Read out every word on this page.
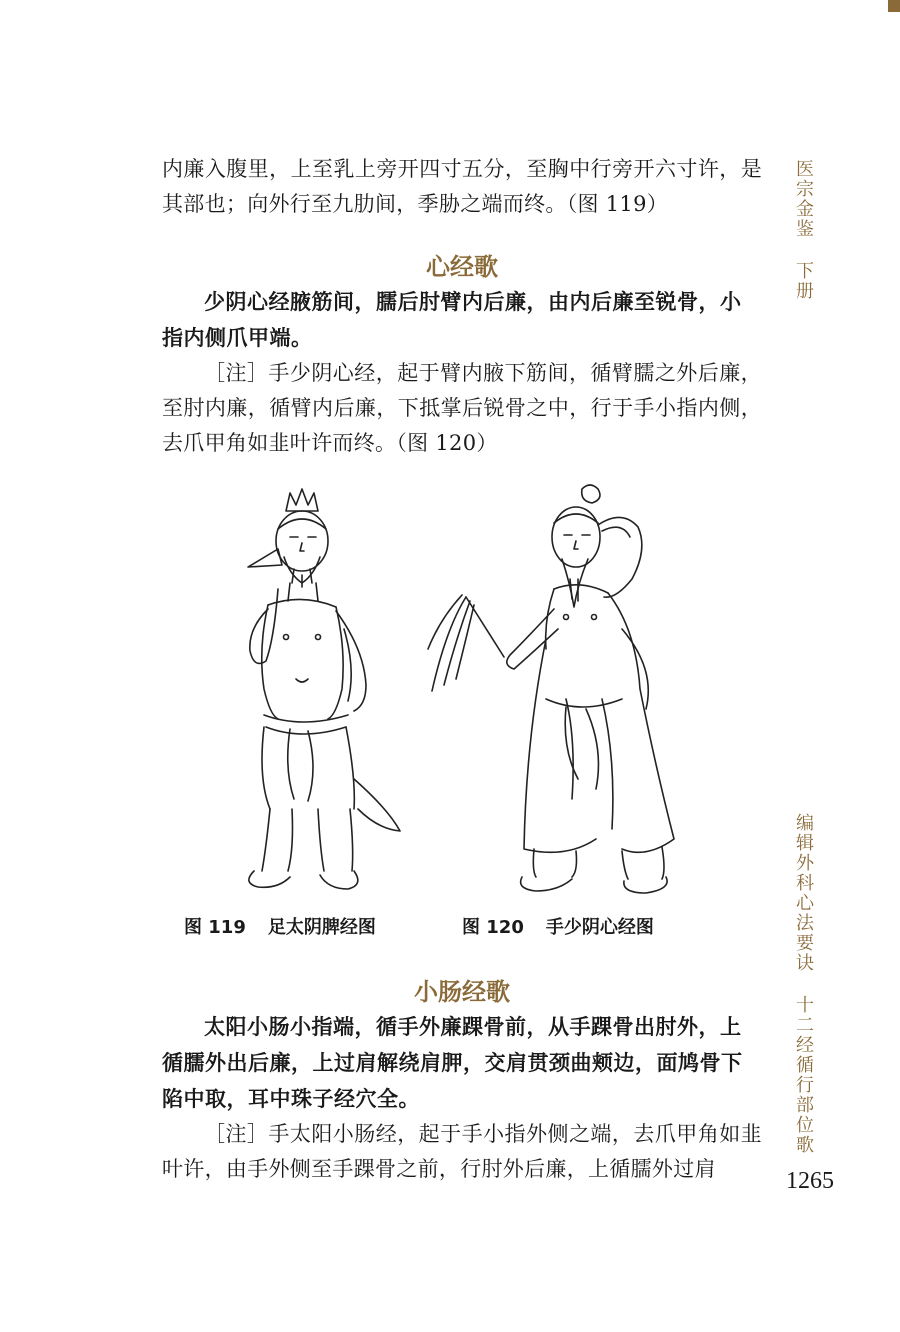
内廉入腹里，上至乳上旁开四寸五分，至胸中行旁开六寸许，是其部也；向外行至九肋间，季胁之端而终。（图 119）

心经歌

少阴心经腋筋间，臑后肘臂内后廉，由内后廉至锐骨，小指内侧爪甲端。

［注］手少阴心经，起于臂内腋下筋间，循臂臑之外后廉，至肘内廉，循臂内后廉，下抵掌后锐骨之中，行于手小指内侧，去爪甲角如韭叶许而终。（图 120）

图 119 足太阴脾经图	图 120 手少阴心经图
小肠经歌

太阳小肠小指端，循手外廉踝骨前，从手踝骨出肘外，上循臑外出后廉，上过肩解绕肩胛，交肩贯颈曲颊边，面鸠骨下陷中取，耳中珠子经穴全。

［注］手太阳小肠经，起于手小指外侧之端，去爪甲角如韭叶许，由手外侧至手踝骨之前，行肘外后廉，上循臑外过肩

医宗金鉴
下册
编辑外科心法要诀
十二经循行部位歌
1265
